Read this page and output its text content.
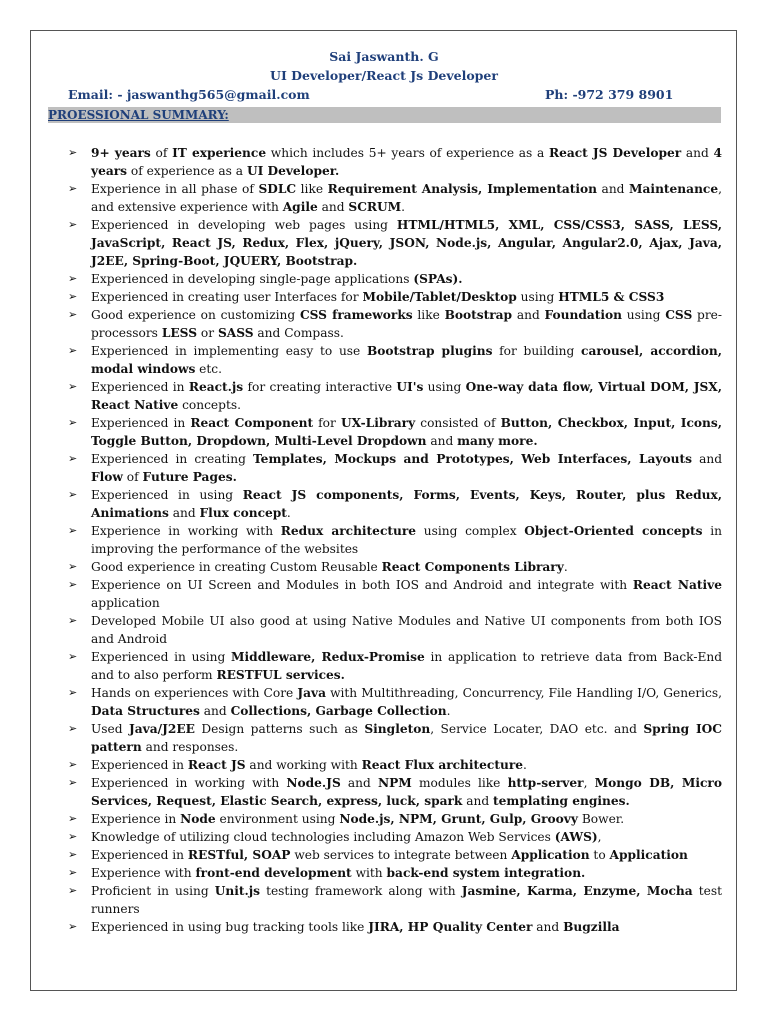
Sai Jaswanth. G
UI Developer/React Js Developer
Email: - jaswanthg565@gmail.com	Ph: -972 379 8901
PROESSIONAL SUMMARY:
➢	9+ years of IT experience which includes 5+ years of experience as a React JS Developer and 4 years of experience as a UI Developer.
➢	Experience in all phase of SDLC like Requirement Analysis, Implementation and Maintenance, and extensive experience with Agile and SCRUM.
➢	Experienced in developing web pages using HTML/HTML5, XML, CSS/CSS3, SASS, LESS, JavaScript, React JS, Redux, Flex, jQuery, JSON, Node.js, Angular, Angular2.0, Ajax, Java, J2EE, Spring-Boot, JQUERY, Bootstrap.
➢	Experienced in developing single-page applications (SPAs).
➢	Experienced in creating user Interfaces for Mobile/Tablet/Desktop using HTML5 & CSS3
➢	Good experience on customizing CSS frameworks like Bootstrap and Foundation using CSS pre-processors LESS or SASS and Compass.
➢	Experienced in implementing easy to use Bootstrap plugins for building carousel, accordion, modal windows etc.
➢	Experienced in React.js for creating interactive UI's using One-way data flow, Virtual DOM, JSX, React Native concepts.
➢	Experienced in React Component for UX-Library consisted of Button, Checkbox, Input, Icons, Toggle Button, Dropdown, Multi-Level Dropdown and many more.
➢	Experienced in creating Templates, Mockups and Prototypes, Web Interfaces, Layouts and Flow of Future Pages.
➢	Experienced in using React JS components, Forms, Events, Keys, Router, plus Redux, Animations and Flux concept.
➢	Experience in working with Redux architecture using complex Object-Oriented concepts in improving the performance of the websites
➢	Good experience in creating Custom Reusable React Components Library.
➢	Experience on UI Screen and Modules in both IOS and Android and integrate with React Native application
➢	Developed Mobile UI also good at using Native Modules and Native UI components from both IOS and Android
➢	Experienced in using Middleware, Redux-Promise in application to retrieve data from Back-End and to also perform RESTFUL services.
➢	Hands on experiences with Core Java with Multithreading, Concurrency, File Handling I/O, Generics, Data Structures and Collections, Garbage Collection.
➢	Used Java/J2EE Design patterns such as Singleton, Service Locater, DAO etc. and Spring IOC pattern and responses.
➢	Experienced in React JS and working with React Flux architecture.
➢	Experienced in working with Node.JS and NPM modules like http-server, Mongo DB, Micro Services, Request, Elastic Search, express, luck, spark and templating engines.
➢	Experience in Node environment using Node.js, NPM, Grunt, Gulp, Groovy Bower.
➢	Knowledge of utilizing cloud technologies including Amazon Web Services (AWS),
➢	Experienced in RESTful, SOAP web services to integrate between Application to Application
➢	Experience with front-end development with back-end system integration.
➢	Proficient in using Unit.js testing framework along with Jasmine, Karma, Enzyme, Mocha test runners
➢	Experienced in using bug tracking tools like JIRA, HP Quality Center and Bugzilla
